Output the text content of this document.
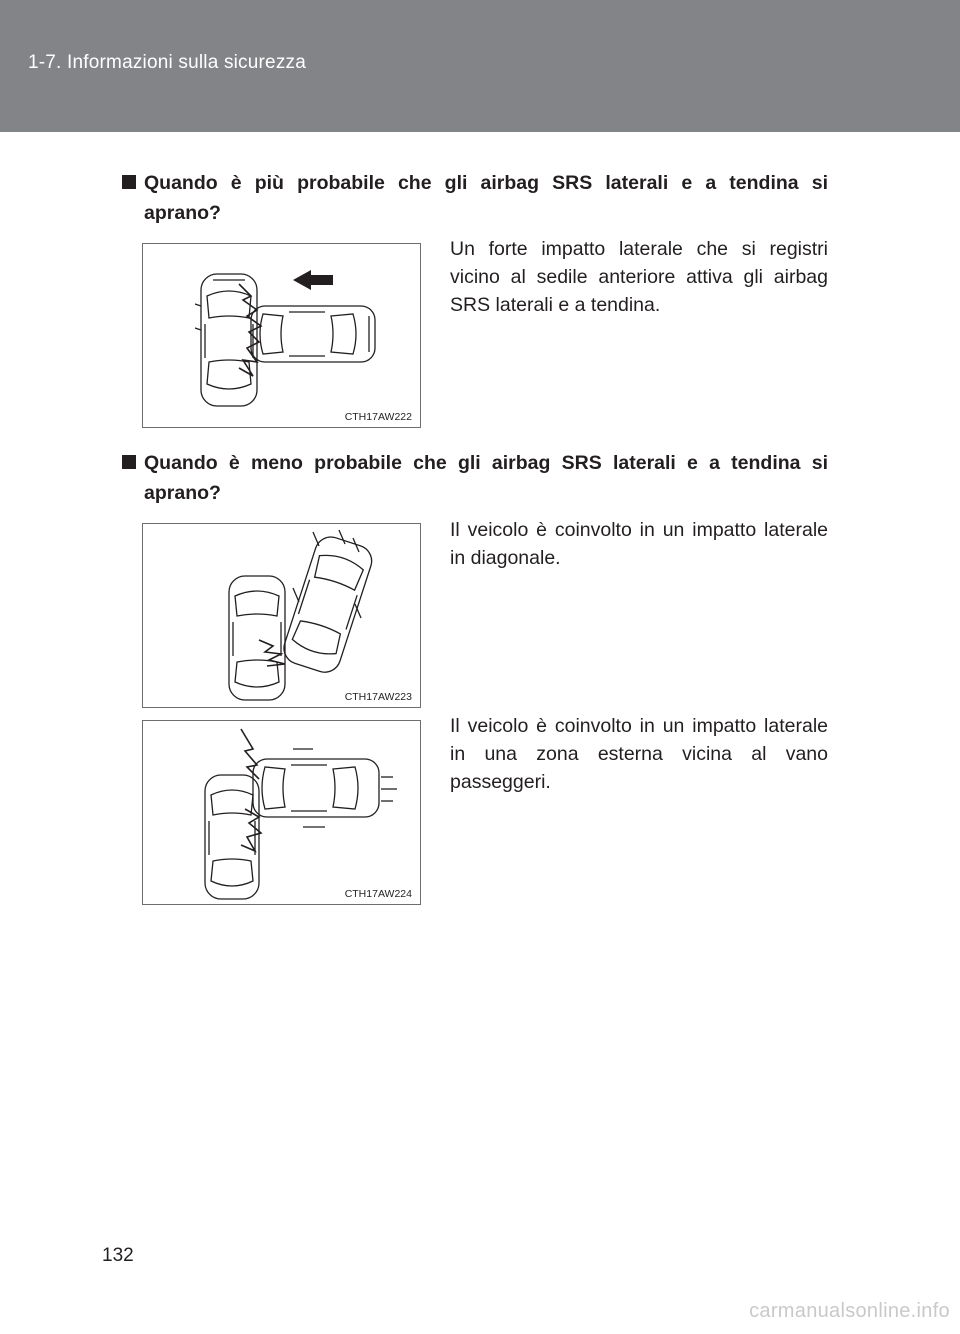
1-7. Informazioni sulla sicurezza
Quando è più probabile che gli airbag SRS laterali e a tendina si
aprano?
CTH17AW222
Un forte impatto laterale che si registri vicino al sedile anteriore attiva gli airbag SRS laterali e a tendina.
Quando è meno probabile che gli airbag SRS laterali e a tendina si
aprano?
CTH17AW223
Il veicolo è coinvolto in un impatto laterale in diagonale.
CTH17AW224
Il veicolo è coinvolto in un impatto laterale in una zona esterna vicina al vano passeggeri.
132
carmanualsonline.info
